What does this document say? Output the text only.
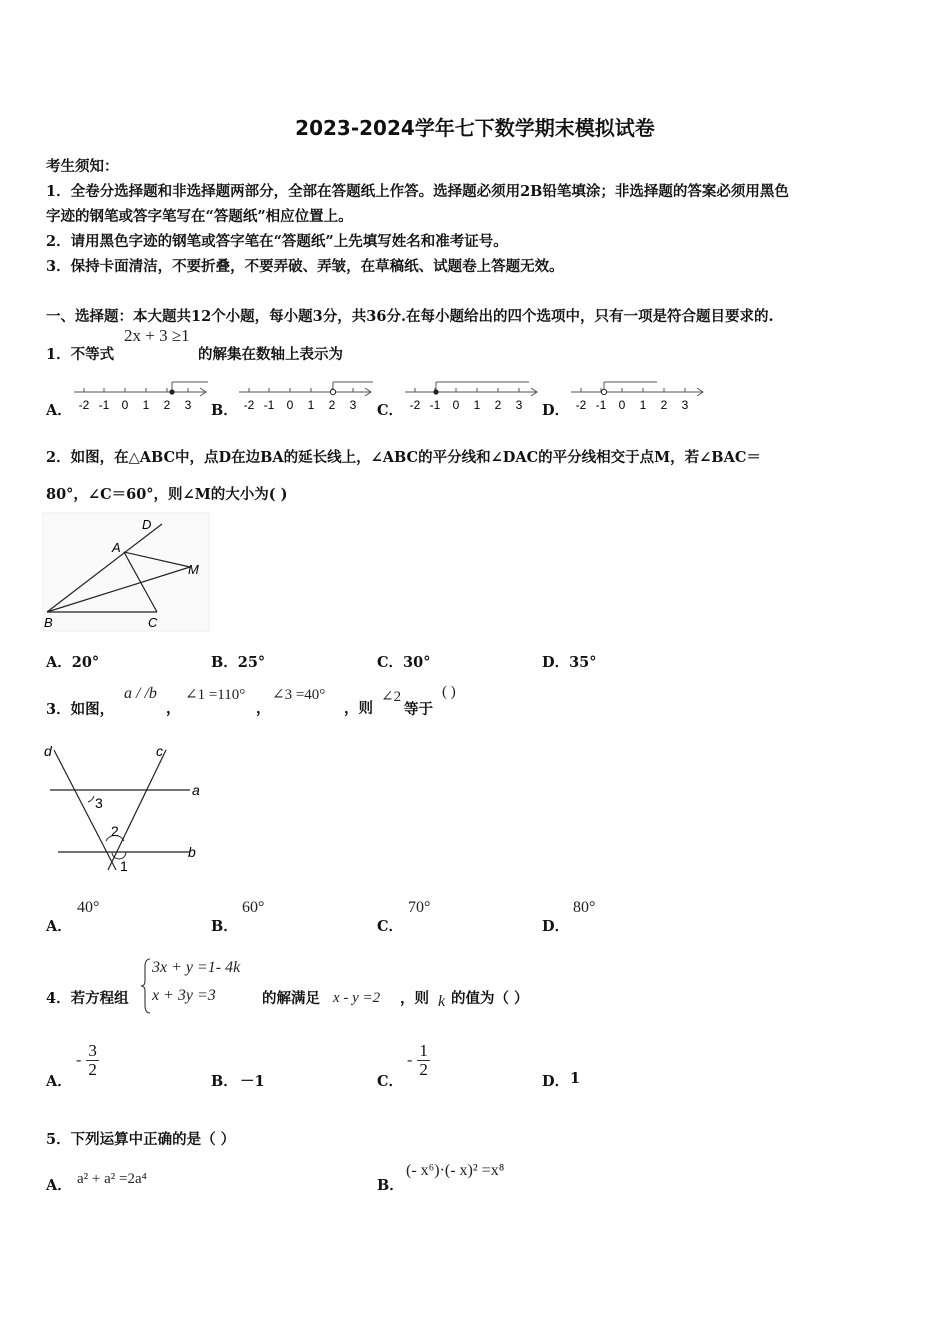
2023-2024学年七下数学期末模拟试卷
考生须知：
1．全卷分选择题和非选择题两部分，全部在答题纸上作答。选择题必须用2B铅笔填涂；非选择题的答案必须用黑色
字迹的钢笔或答字笔写在“答题纸”相应位置上。
2．请用黑色字迹的钢笔或答字笔在“答题纸”上先填写姓名和准考证号。
3．保持卡面清洁，不要折叠，不要弄破、弄皱，在草稿纸、试题卷上答题无效。
一、选择题：本大题共12个小题，每小题3分，共36分.在每小题给出的四个选项中，只有一项是符合题目要求的.
1．不等式
2x + 3 ≥1
的解集在数轴上表示为
A．	B．	C．	D．
-2 -1 0 1 2 3	-2 -1 0 1 2 3	-2 -1 0 1 2 3	-2 -1 0 1 2 3
2．如图，在△ABC中，点D在边BA的延长线上，∠ABC的平分线和∠DAC的平分线相交于点M，若∠BAC＝
80°，∠C＝60°，则∠M的大小为( )
D
A
M
B	C
A．20°	B．25°	C．30°	D．35°
3．如图，
a / /b
，
∠1 =110°
，
∠3 =40°
，则
∠2
等于
( )
d	c
a
b
3
2
1
A．
40°
B．
60°
C．
70°
D．
80°
4．若方程组
3x + y =1- 4k
x + 3y =3	的解满足 x - y =2 ，则 k 的值为（ ）
A．
- $\frac{3}{2}$
B． －1	C．
- $\frac{1}{2}$
D． 1
5．下列运算中正确的是（ ）
A． a² + a² =2a⁴	B．
(- x⁶)·(- x)² =x⁸
